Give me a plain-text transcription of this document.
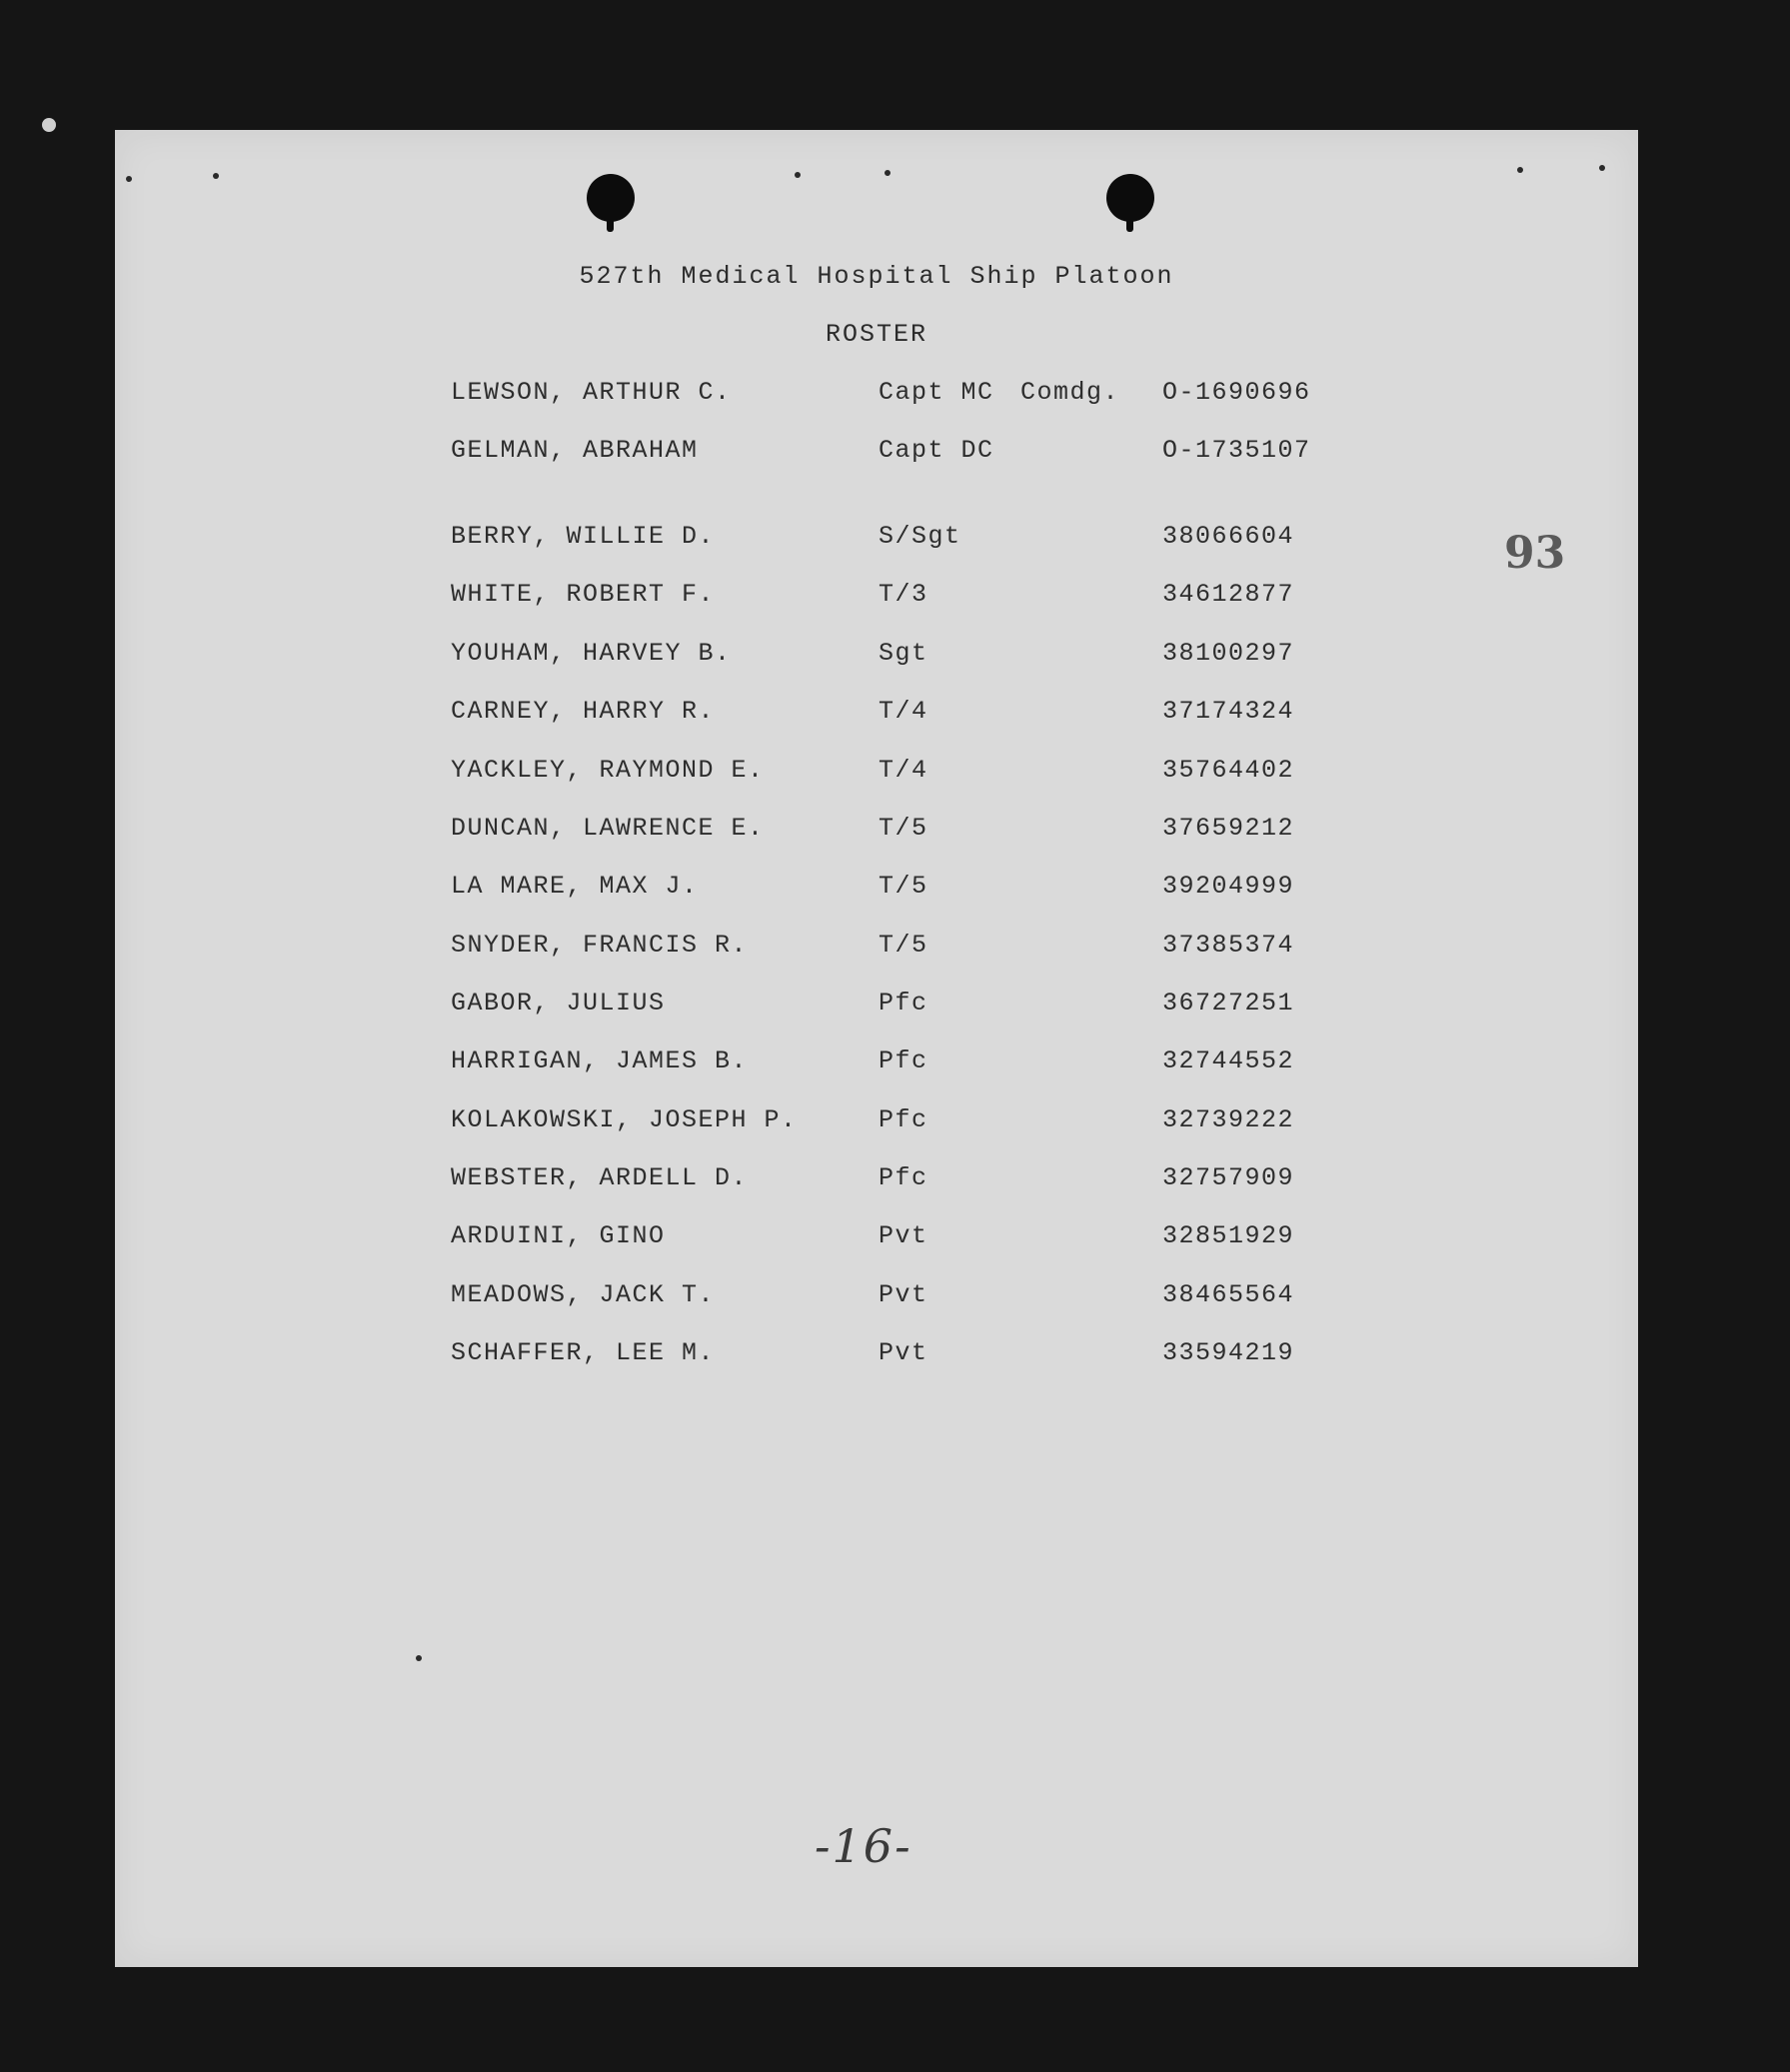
527th Medical Hospital Ship Platoon
ROSTER
93
LEWSON, ARTHUR C.	Capt MC Comdg. O-1690696
GELMAN, ABRAHAM	Capt DC	O-1735107
BERRY, WILLIE D.	S/Sgt	38066604
WHITE, ROBERT F.	T/3	34612877
YOUHAM, HARVEY B.	Sgt	38100297
CARNEY, HARRY R.	T/4	37174324
YACKLEY, RAYMOND E.	T/4	35764402
DUNCAN, LAWRENCE E.	T/5	37659212
LA MARE, MAX J.	T/5	39204999
SNYDER, FRANCIS R.	T/5	37385374
GABOR, JULIUS	Pfc	36727251
HARRIGAN, JAMES B.	Pfc	32744552
KOLAKOWSKI, JOSEPH P.	Pfc	32739222
WEBSTER, ARDELL D.	Pfc	32757909
ARDUINI, GINO	Pvt	32851929
MEADOWS, JACK T.	Pvt	38465564
SCHAFFER, LEE M.	Pvt	33594219
-16-
